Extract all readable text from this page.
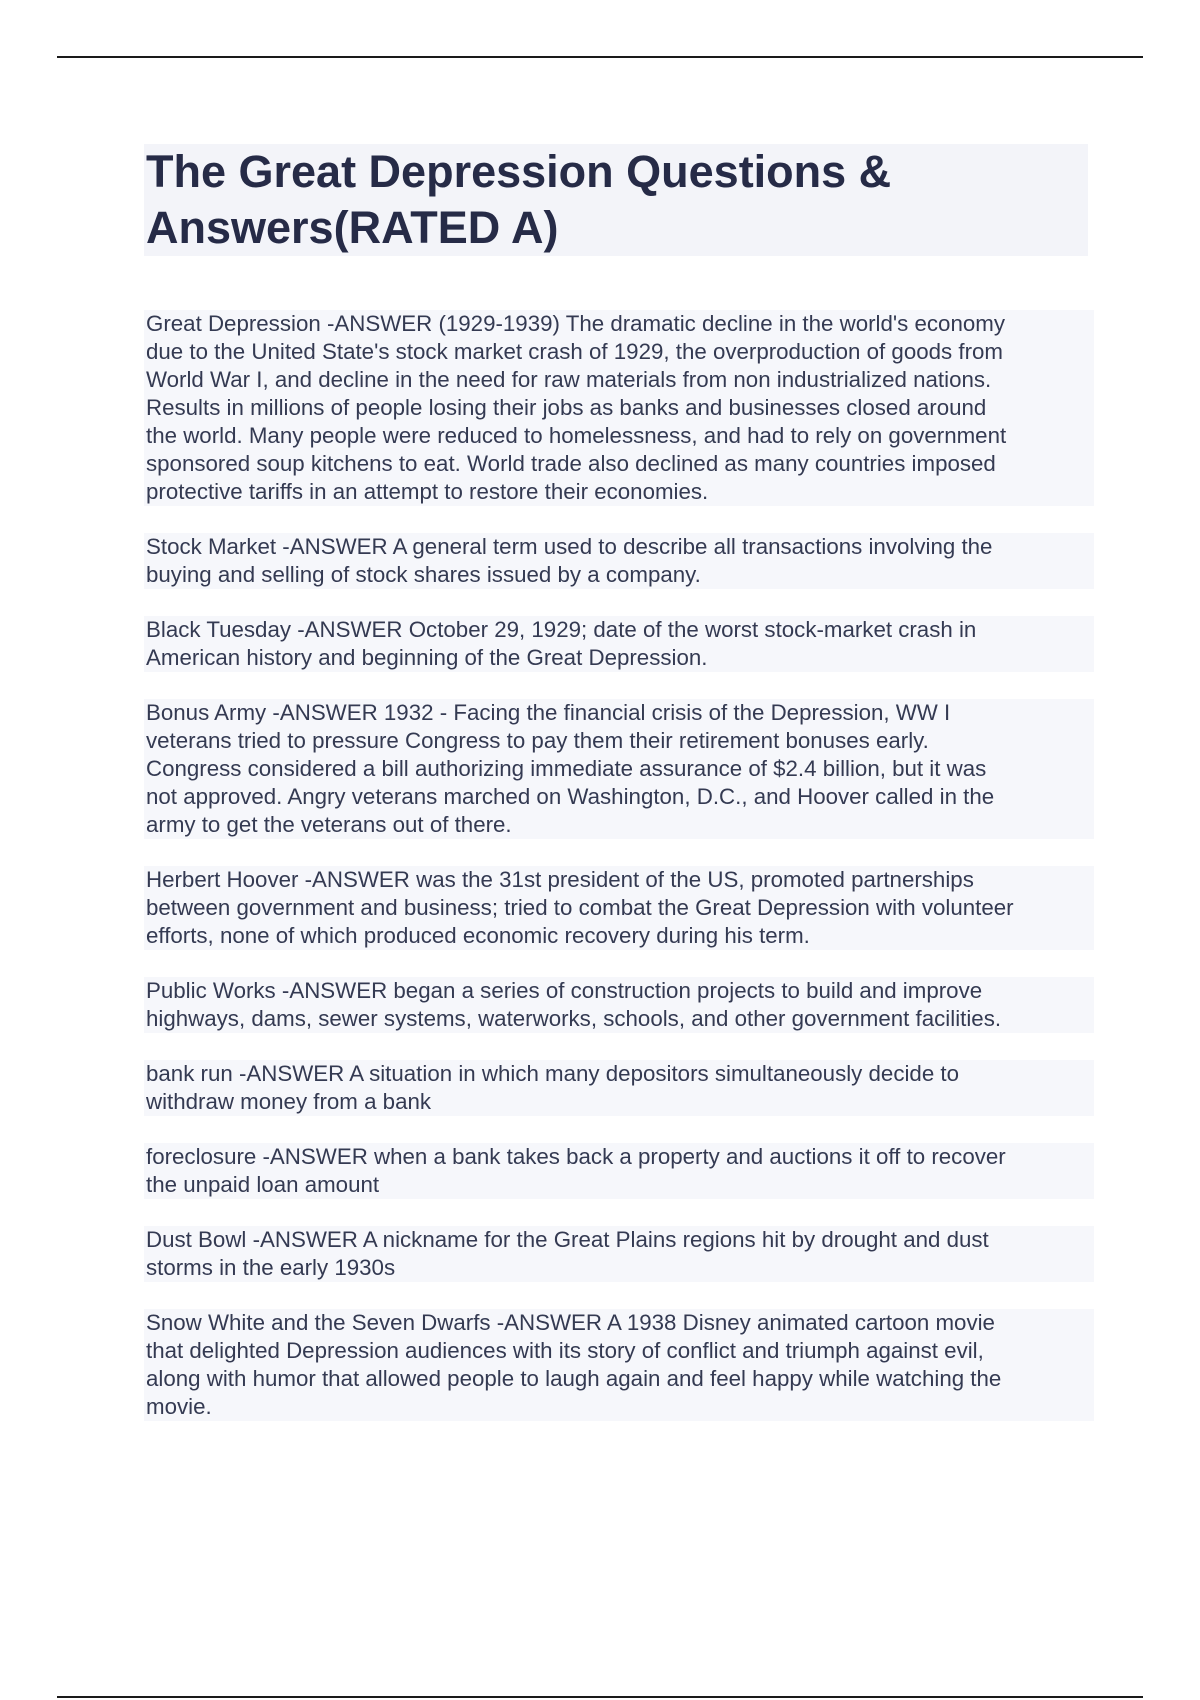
The Great Depression Questions &
Answers(RATED A)

Great Depression -ANSWER (1929-1939) The dramatic decline in the world's economy
due to the United State's stock market crash of 1929, the overproduction of goods from
World War I, and decline in the need for raw materials from non industrialized nations.
Results in millions of people losing their jobs as banks and businesses closed around
the world. Many people were reduced to homelessness, and had to rely on government
sponsored soup kitchens to eat. World trade also declined as many countries imposed
protective tariffs in an attempt to restore their economies.

Stock Market -ANSWER A general term used to describe all transactions involving the
buying and selling of stock shares issued by a company.

Black Tuesday -ANSWER October 29, 1929; date of the worst stock-market crash in
American history and beginning of the Great Depression.

Bonus Army -ANSWER 1932 - Facing the financial crisis of the Depression, WW I
veterans tried to pressure Congress to pay them their retirement bonuses early.
Congress considered a bill authorizing immediate assurance of $2.4 billion, but it was
not approved. Angry veterans marched on Washington, D.C., and Hoover called in the
army to get the veterans out of there.

Herbert Hoover -ANSWER was the 31st president of the US, promoted partnerships
between government and business; tried to combat the Great Depression with volunteer
efforts, none of which produced economic recovery during his term.

Public Works -ANSWER began a series of construction projects to build and improve
highways, dams, sewer systems, waterworks, schools, and other government facilities.

bank run -ANSWER A situation in which many depositors simultaneously decide to
withdraw money from a bank

foreclosure -ANSWER when a bank takes back a property and auctions it off to recover
the unpaid loan amount

Dust Bowl -ANSWER A nickname for the Great Plains regions hit by drought and dust
storms in the early 1930s

Snow White and the Seven Dwarfs -ANSWER A 1938 Disney animated cartoon movie
that delighted Depression audiences with its story of conflict and triumph against evil,
along with humor that allowed people to laugh again and feel happy while watching the
movie.
